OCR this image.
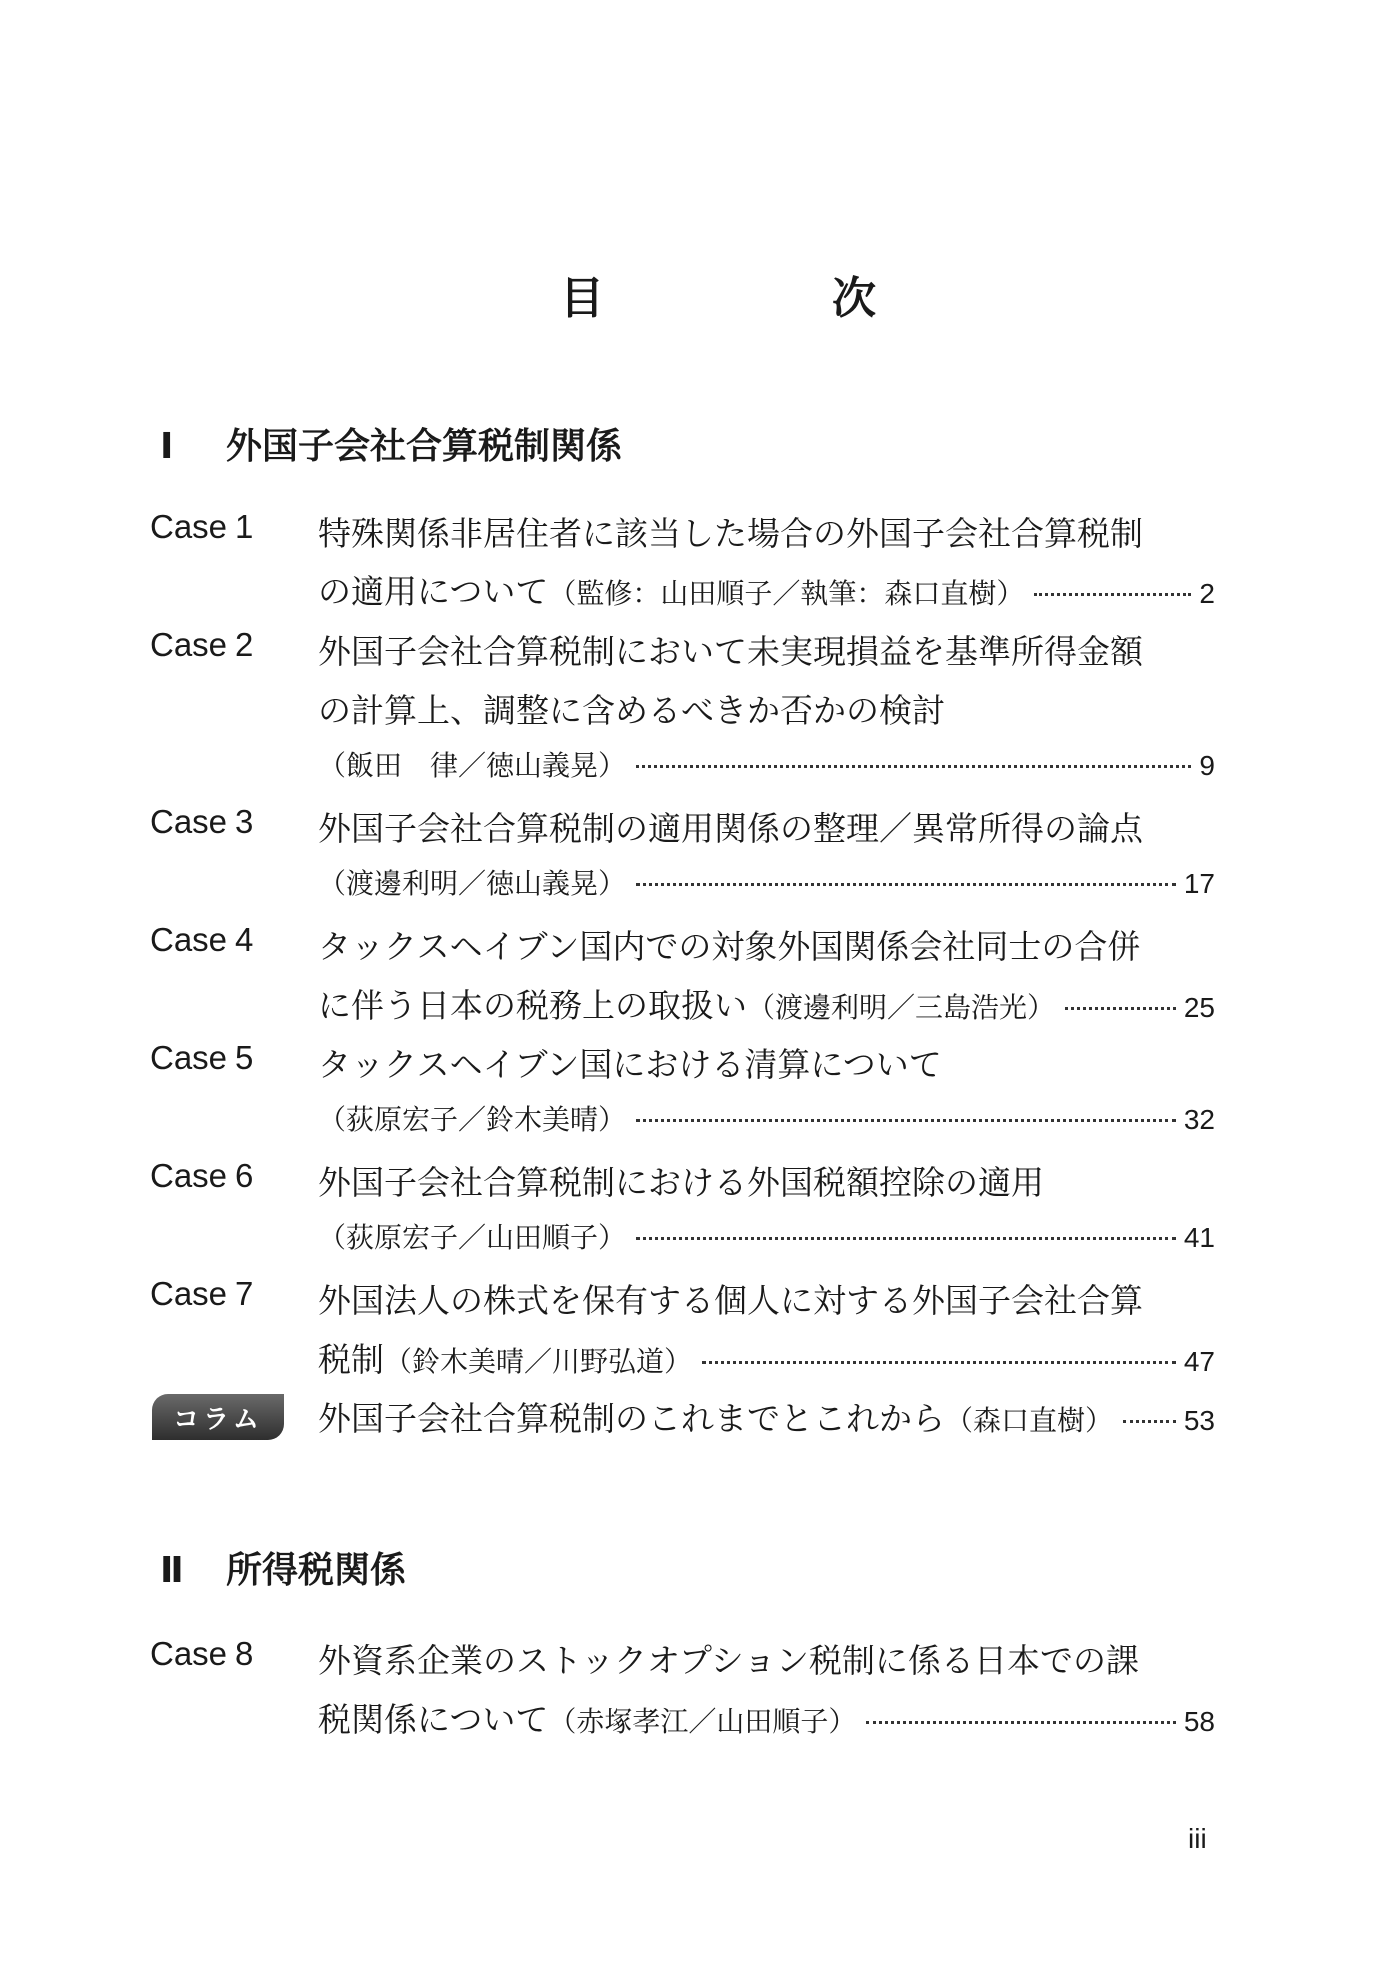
目　次
Ⅰ 外国子会社合算税制関係
Case 1 特殊関係非居住者に該当した場合の外国子会社合算税制
の適用について （監修：山田順子／執筆：森口直樹）	2
Case 2 外国子会社合算税制において未実現損益を基準所得金額
の計算上、調整に含めるべきか否かの検討
（飯田　律／徳山義晃）	9
Case 3 外国子会社合算税制の適用関係の整理／異常所得の論点
（渡邊利明／徳山義晃）	17
Case 4 タックスヘイブン国内での対象外国関係会社同士の合併
に伴う日本の税務上の取扱い （渡邊利明／三島浩光）	25
Case 5 タックスヘイブン国における清算について
（荻原宏子／鈴木美晴）	32
Case 6 外国子会社合算税制における外国税額控除の適用
（荻原宏子／山田順子）	41
Case 7 外国法人の株式を保有する個人に対する外国子会社合算
税制 （鈴木美晴／川野弘道）	47
コラム	外国子会社合算税制のこれまでとこれから （森口直樹）	53
Ⅱ 所得税関係
Case 8 外資系企業のストックオプション税制に係る日本での課
税関係について （赤塚孝江／山田順子）	58
iii
